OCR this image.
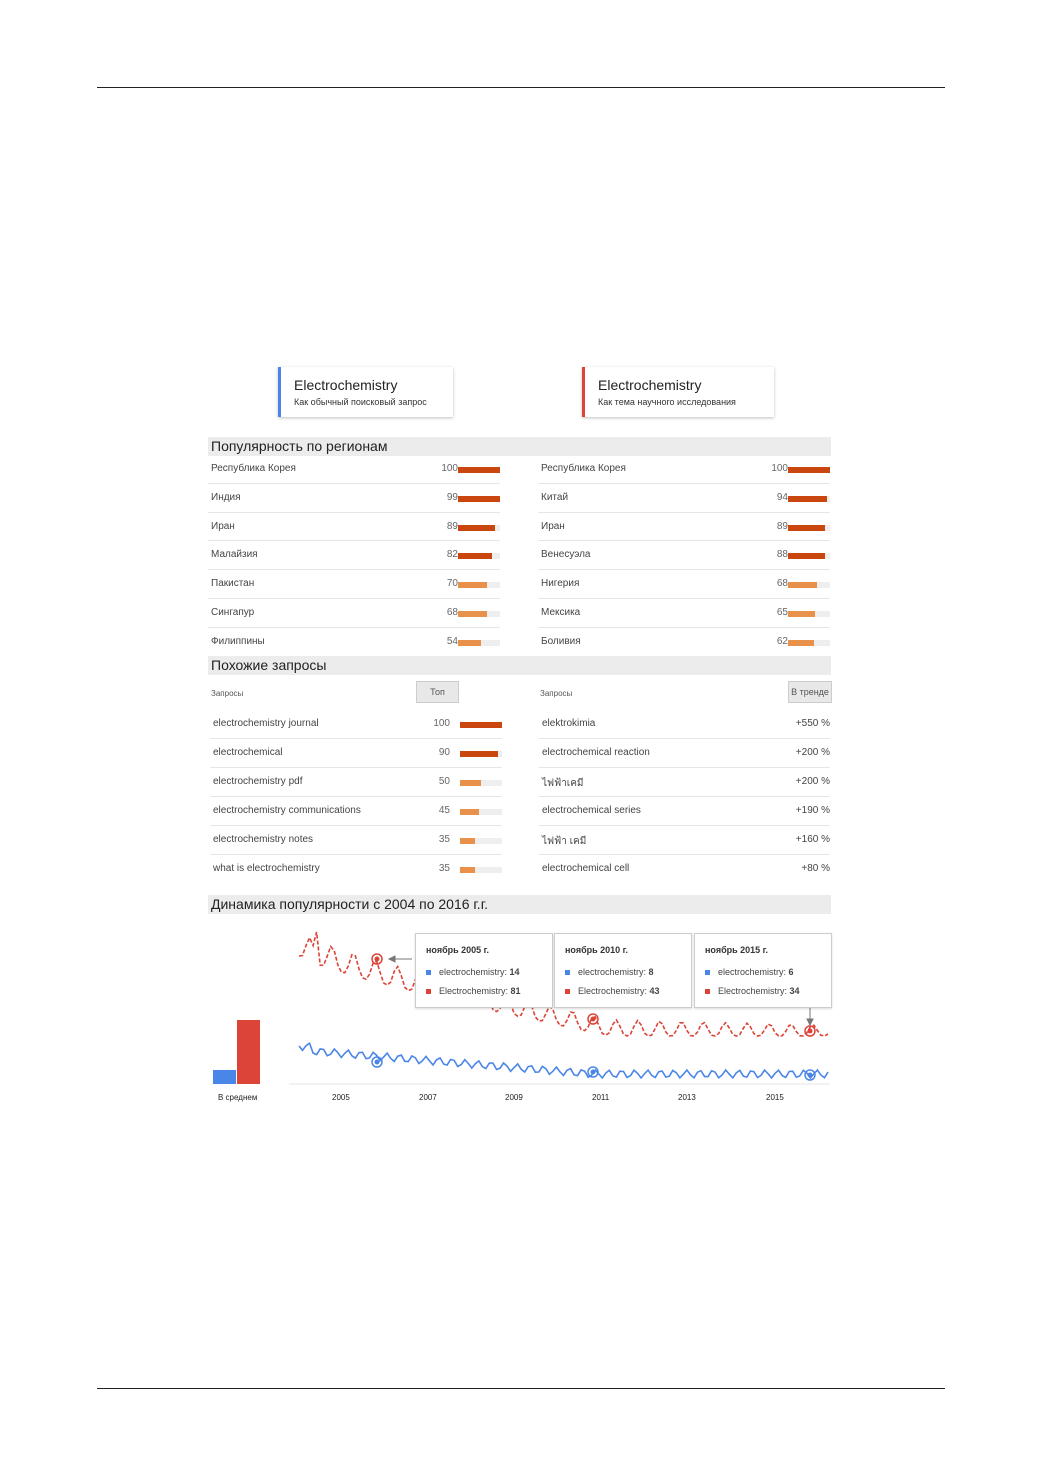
Electrochemistry
Как обычный поисковый запрос
Electrochemistry
Как тема научного исследования
Популярность по регионам
Республика Корея	100
Индия	99
Иран	89
Малайзия	82
Пакистан	70
Сингапур	68
Филиппины	54
Республика Корея	100
Китай	94
Иран	89
Венесуэла	88
Нигерия	68
Мексика	65
Боливия	62
Похожие запросы
Запросы	Топ	Запросы	В тренде
electrochemistry journal	100
electrochemical	90
electrochemistry pdf	50
electrochemistry communications	45
electrochemistry notes	35
what is electrochemistry	35
elektrokimia	+550 %
electrochemical reaction	+200 %
ไฟฟ้าเคมี	+200 %
electrochemical series	+190 %
ไฟฟ้า เคมี	+160 %
electrochemical cell	+80 %
Динамика популярности с 2004 по 2016 г.г.
ноябрь 2005 г.
electrochemistry: 14
Electrochemistry: 81
ноябрь 2010 г.
electrochemistry: 8
Electrochemistry: 43
ноябрь 2015 г.
electrochemistry: 6
Electrochemistry: 34
В среднем	2005	2007	2009	2011	2013	2015
